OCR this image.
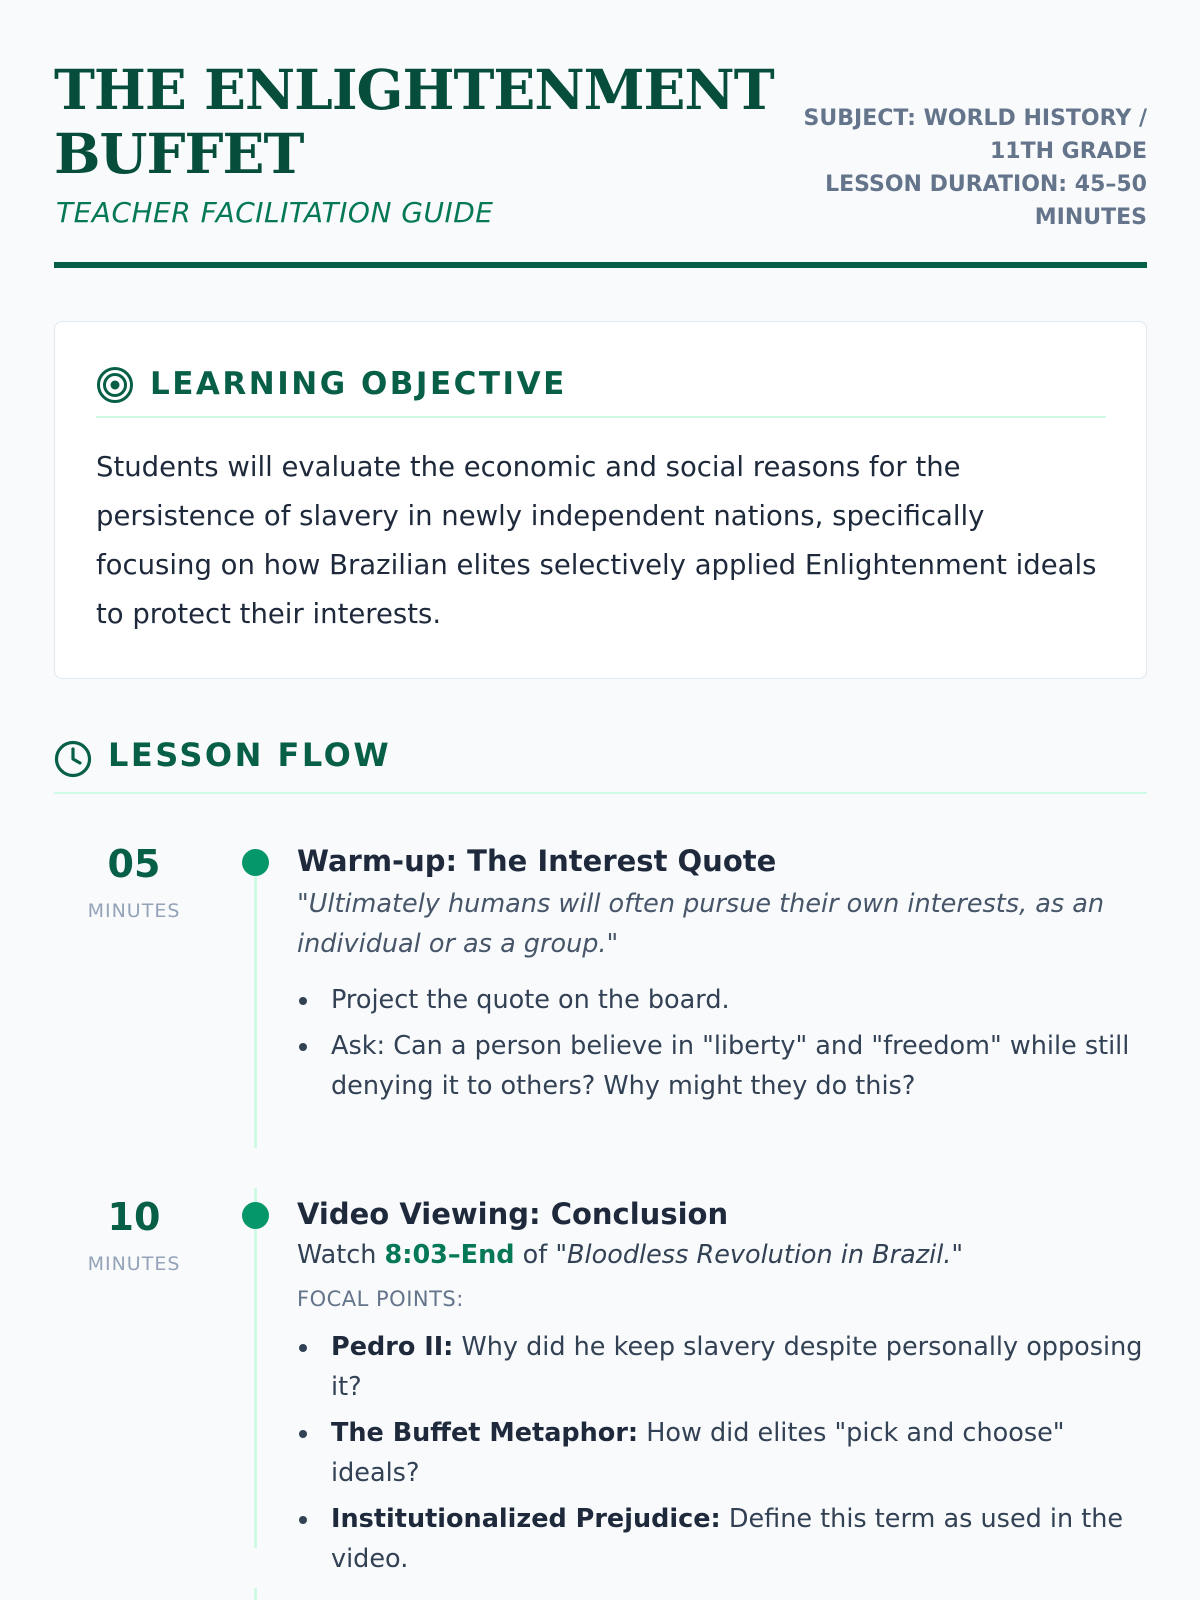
THE ENLIGHTENMENT
BUFFET
TEACHER FACILITATION GUIDE
SUBJECT: WORLD HISTORY /
11TH GRADE
LESSON DURATION: 45–50
MINUTES
LEARNING OBJECTIVE
Students will evaluate the economic and social reasons for the persistence of slavery in newly independent nations, specifically focusing on how Brazilian elites selectively applied Enlightenment ideals to protect their interests.
LESSON FLOW
05
MINUTES
Warm-up: The Interest Quote
"Ultimately humans will often pursue their own interests, as an individual or as a group."
Project the quote on the board.
Ask: Can a person believe in "liberty" and "freedom" while still denying it to others? Why might they do this?
10
MINUTES
Video Viewing: Conclusion
Watch 8:03–End of "Bloodless Revolution in Brazil."
FOCAL POINTS:
Pedro II: Why did he keep slavery despite personally opposing it?
The Buffet Metaphor: How did elites "pick and choose" ideals?
Institutionalized Prejudice: Define this term as used in the video.
